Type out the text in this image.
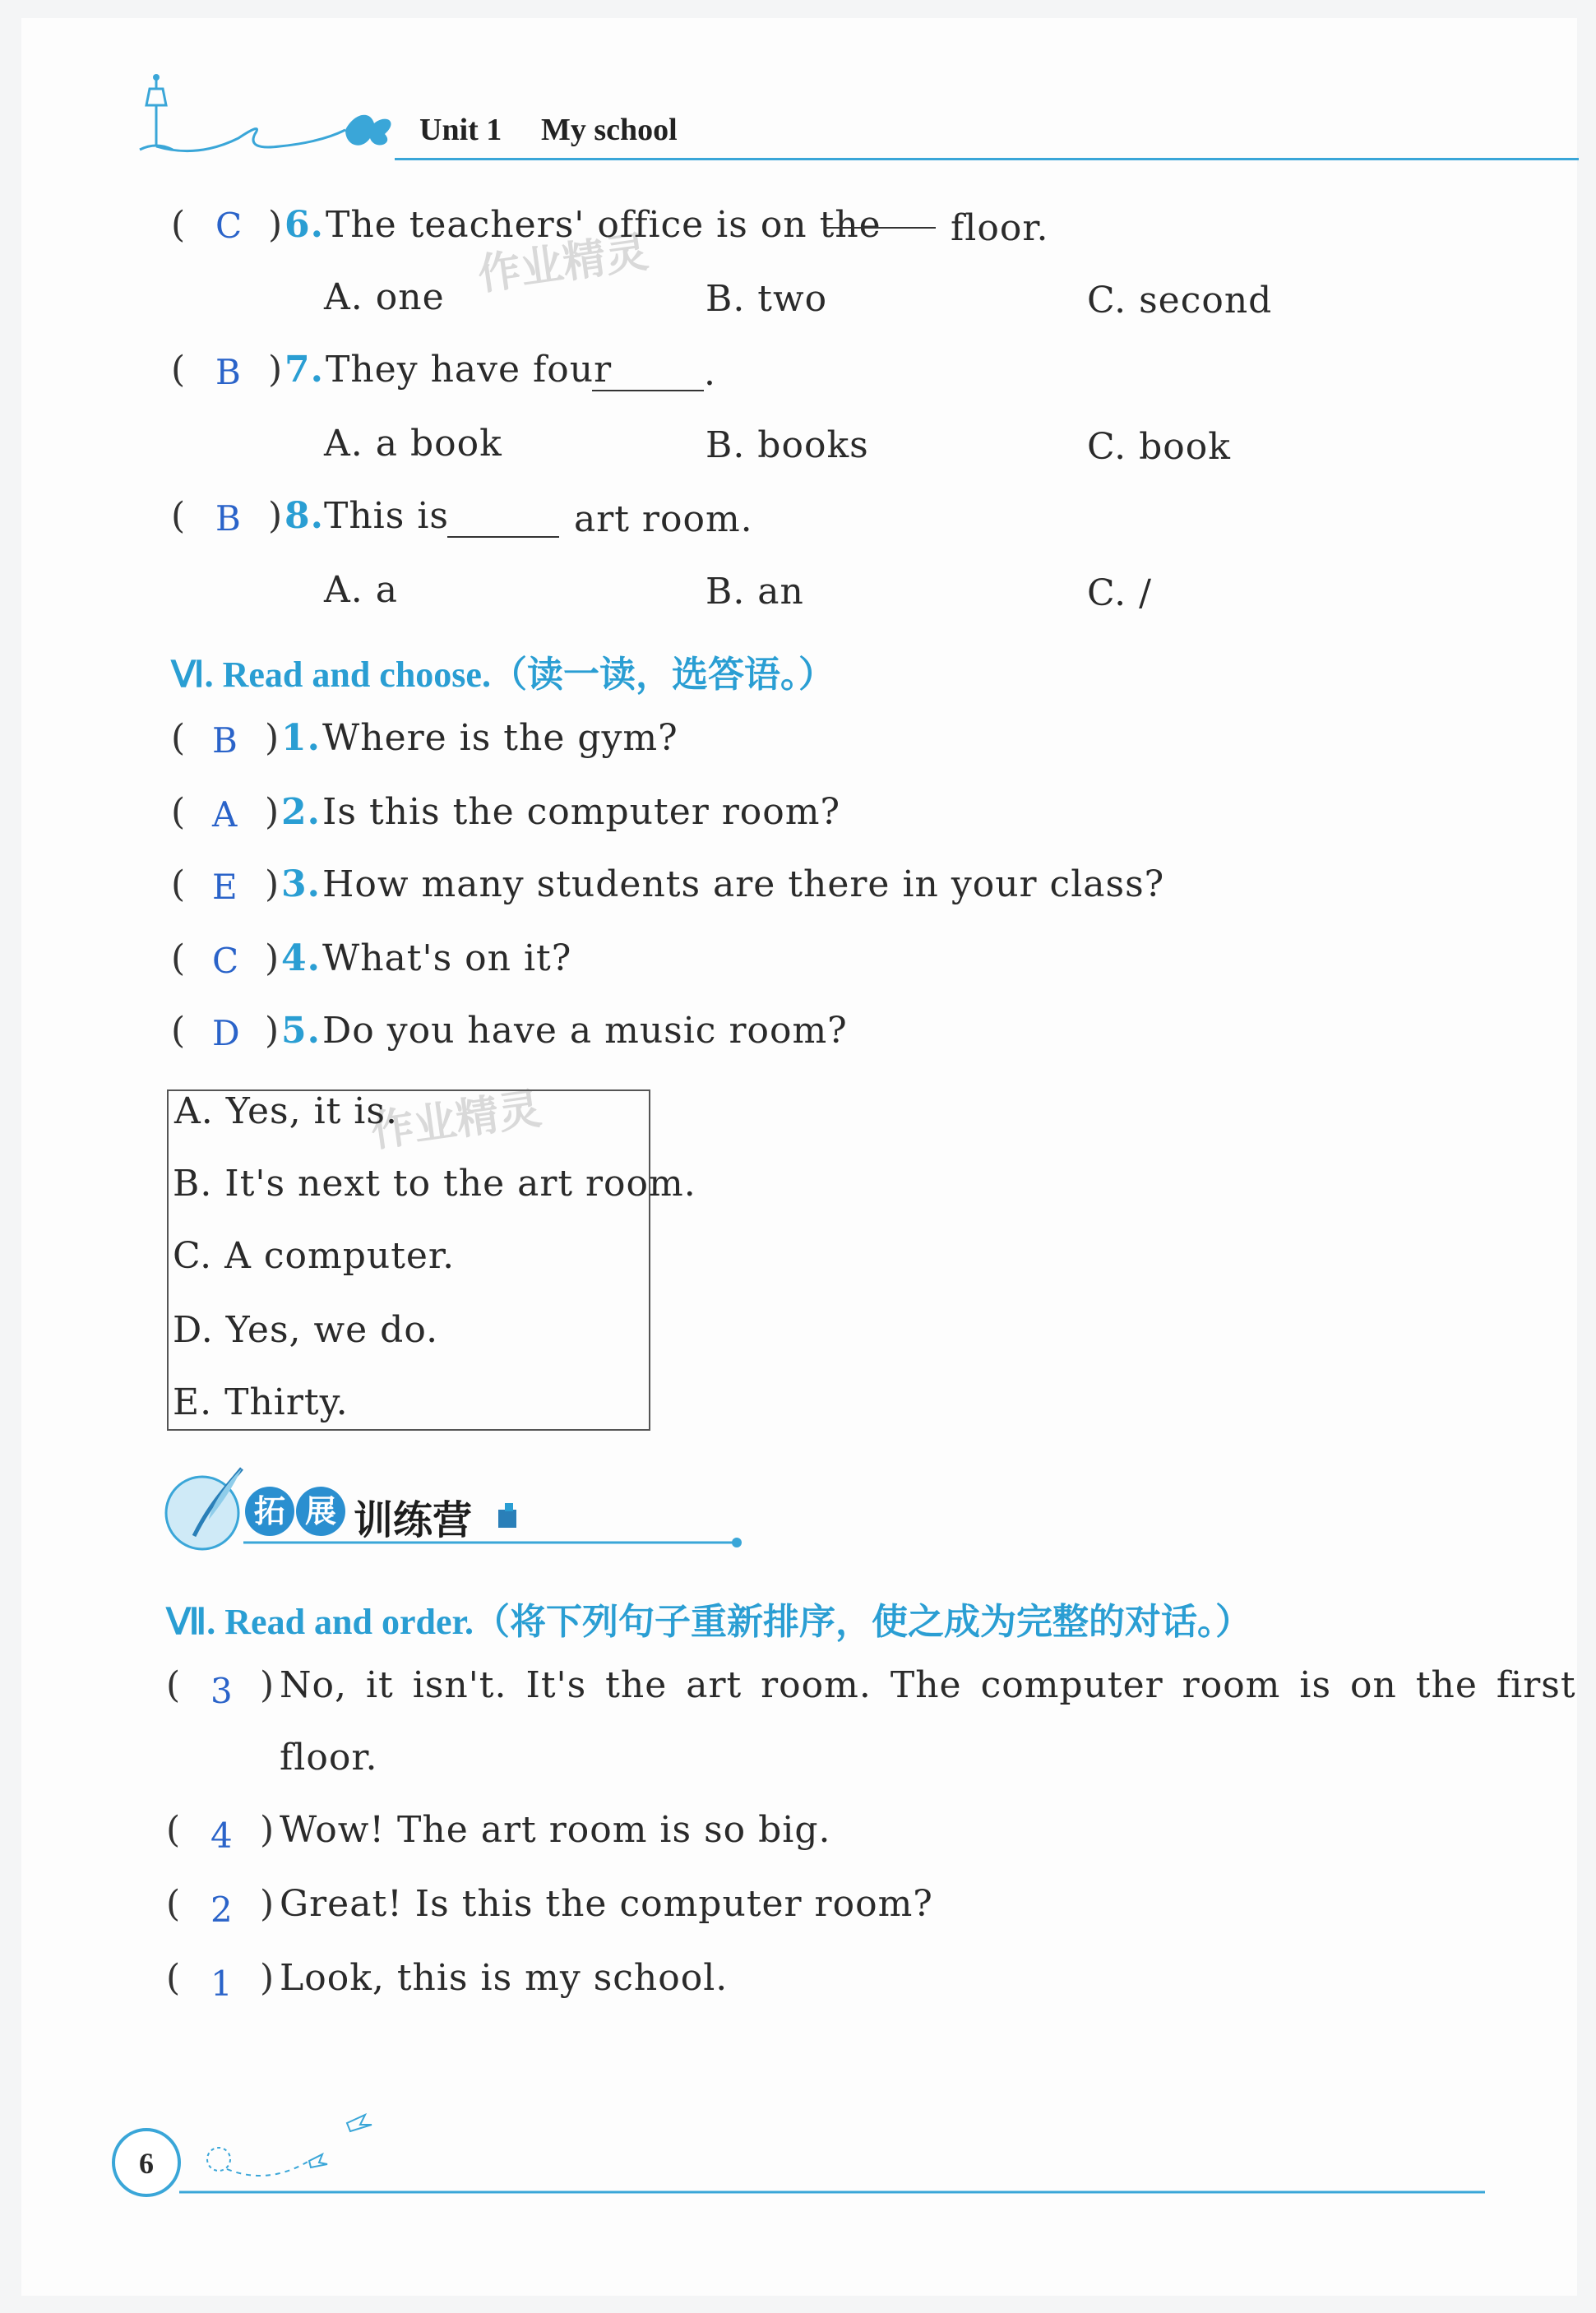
Unit 1 My school
作业精灵
作业精灵
( C ) 6. The teachers' office is on the floor.
A. one	B. two	C. second
( B ) 7. They have four	.
A. a book	B. books	C. book
( B ) 8. This is	art room.
A. a	B. an	C. /
Ⅵ. Read and choose.（读一读，选答语。）
( B ) 1. Where is the gym?
( A ) 2. Is this the computer room?
( E ) 3. How many students are there in your class?
( C ) 4. What's on it?
( D ) 5. Do you have a music room?
A. Yes, it is.
B. It's next to the art room.
C. A computer.
D. Yes, we do.
E. Thirty.
拓 展 训练营
Ⅶ. Read and order.（将下列句子重新排序，使之成为完整的对话。）
( 3 ) No, it isn't. It's the art room. The computer room is on the first
floor.
( 4 ) Wow! The art room is so big.
( 2 ) Great! Is this the computer room?
( 1 ) Look, this is my school.
6
